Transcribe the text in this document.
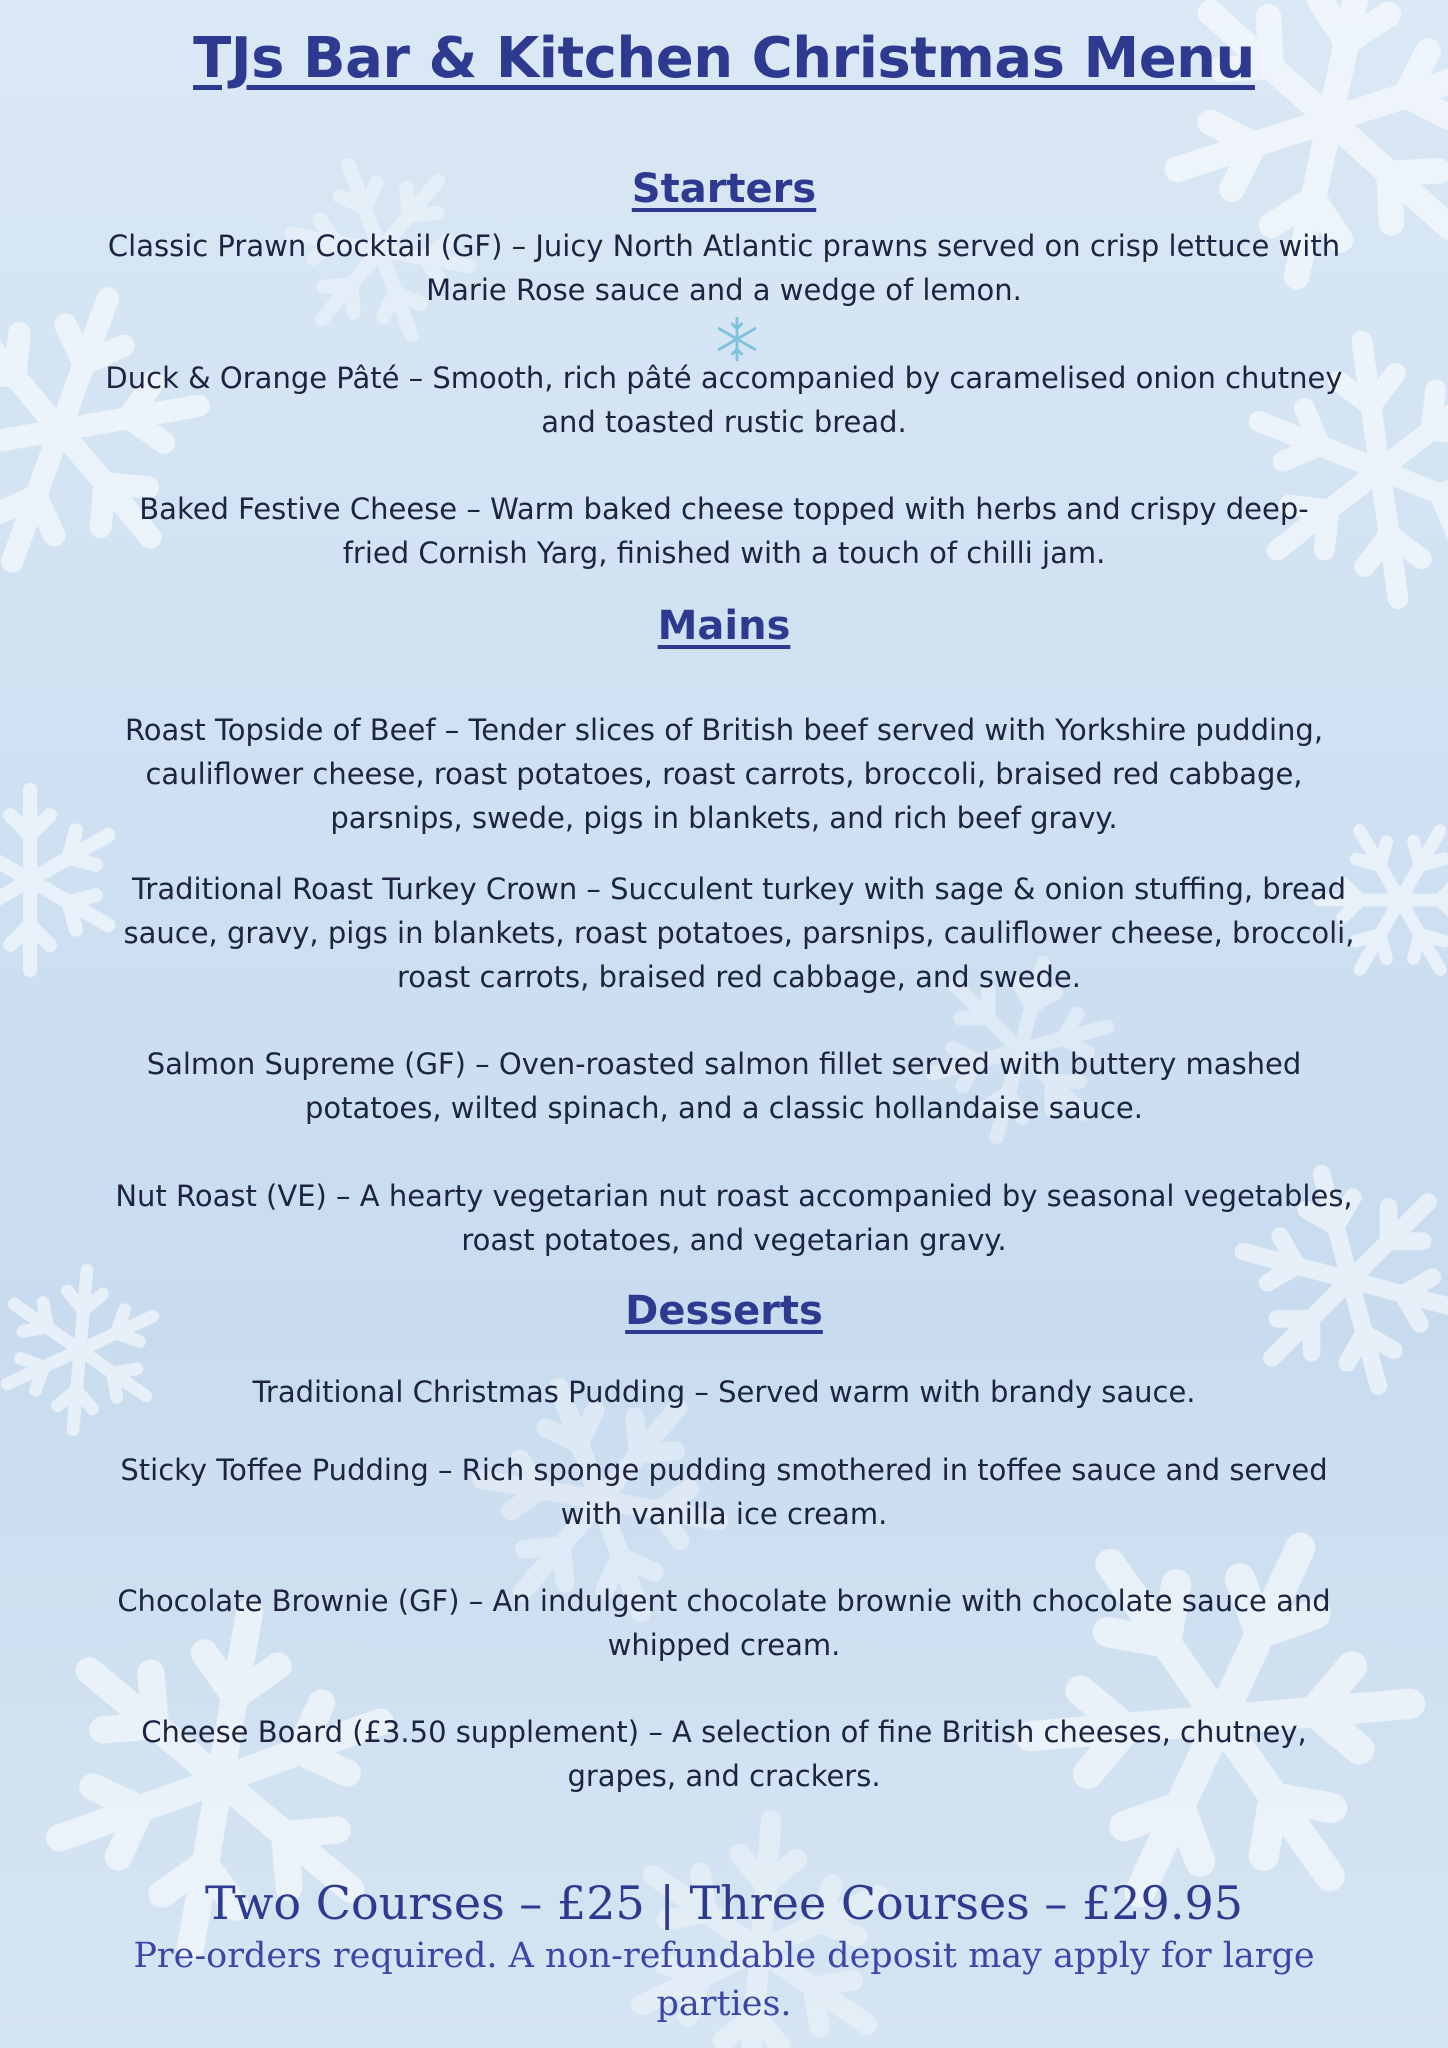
TJs Bar & Kitchen Christmas Menu
Starters
Classic Prawn Cocktail (GF) – Juicy North Atlantic prawns served on crisp lettuce with Marie Rose sauce and a wedge of lemon.
Duck & Orange Pâté – Smooth, rich pâté accompanied by caramelised onion chutney and toasted rustic bread.
Baked Festive Cheese – Warm baked cheese topped with herbs and crispy deep-fried Cornish Yarg, finished with a touch of chilli jam.
Mains
Roast Topside of Beef – Tender slices of British beef served with Yorkshire pudding, cauliflower cheese, roast potatoes, roast carrots, broccoli, braised red cabbage, parsnips, swede, pigs in blankets, and rich beef gravy.
Traditional Roast Turkey Crown – Succulent turkey with sage & onion stuffing, bread sauce, gravy, pigs in blankets, roast potatoes, parsnips, cauliflower cheese, broccoli, roast carrots, braised red cabbage, and swede.
Salmon Supreme (GF) – Oven-roasted salmon fillet served with buttery mashed potatoes, wilted spinach, and a classic hollandaise sauce.
Nut Roast (VE) – A hearty vegetarian nut roast accompanied by seasonal vegetables, roast potatoes, and vegetarian gravy.
Desserts
Traditional Christmas Pudding – Served warm with brandy sauce.
Sticky Toffee Pudding – Rich sponge pudding smothered in toffee sauce and served with vanilla ice cream.
Chocolate Brownie (GF) – An indulgent chocolate brownie with chocolate sauce and whipped cream.
Cheese Board (£3.50 supplement) – A selection of fine British cheeses, chutney, grapes, and crackers.
Two Courses – £25 | Three Courses – £29.95
Pre-orders required. A non-refundable deposit may apply for large parties.
